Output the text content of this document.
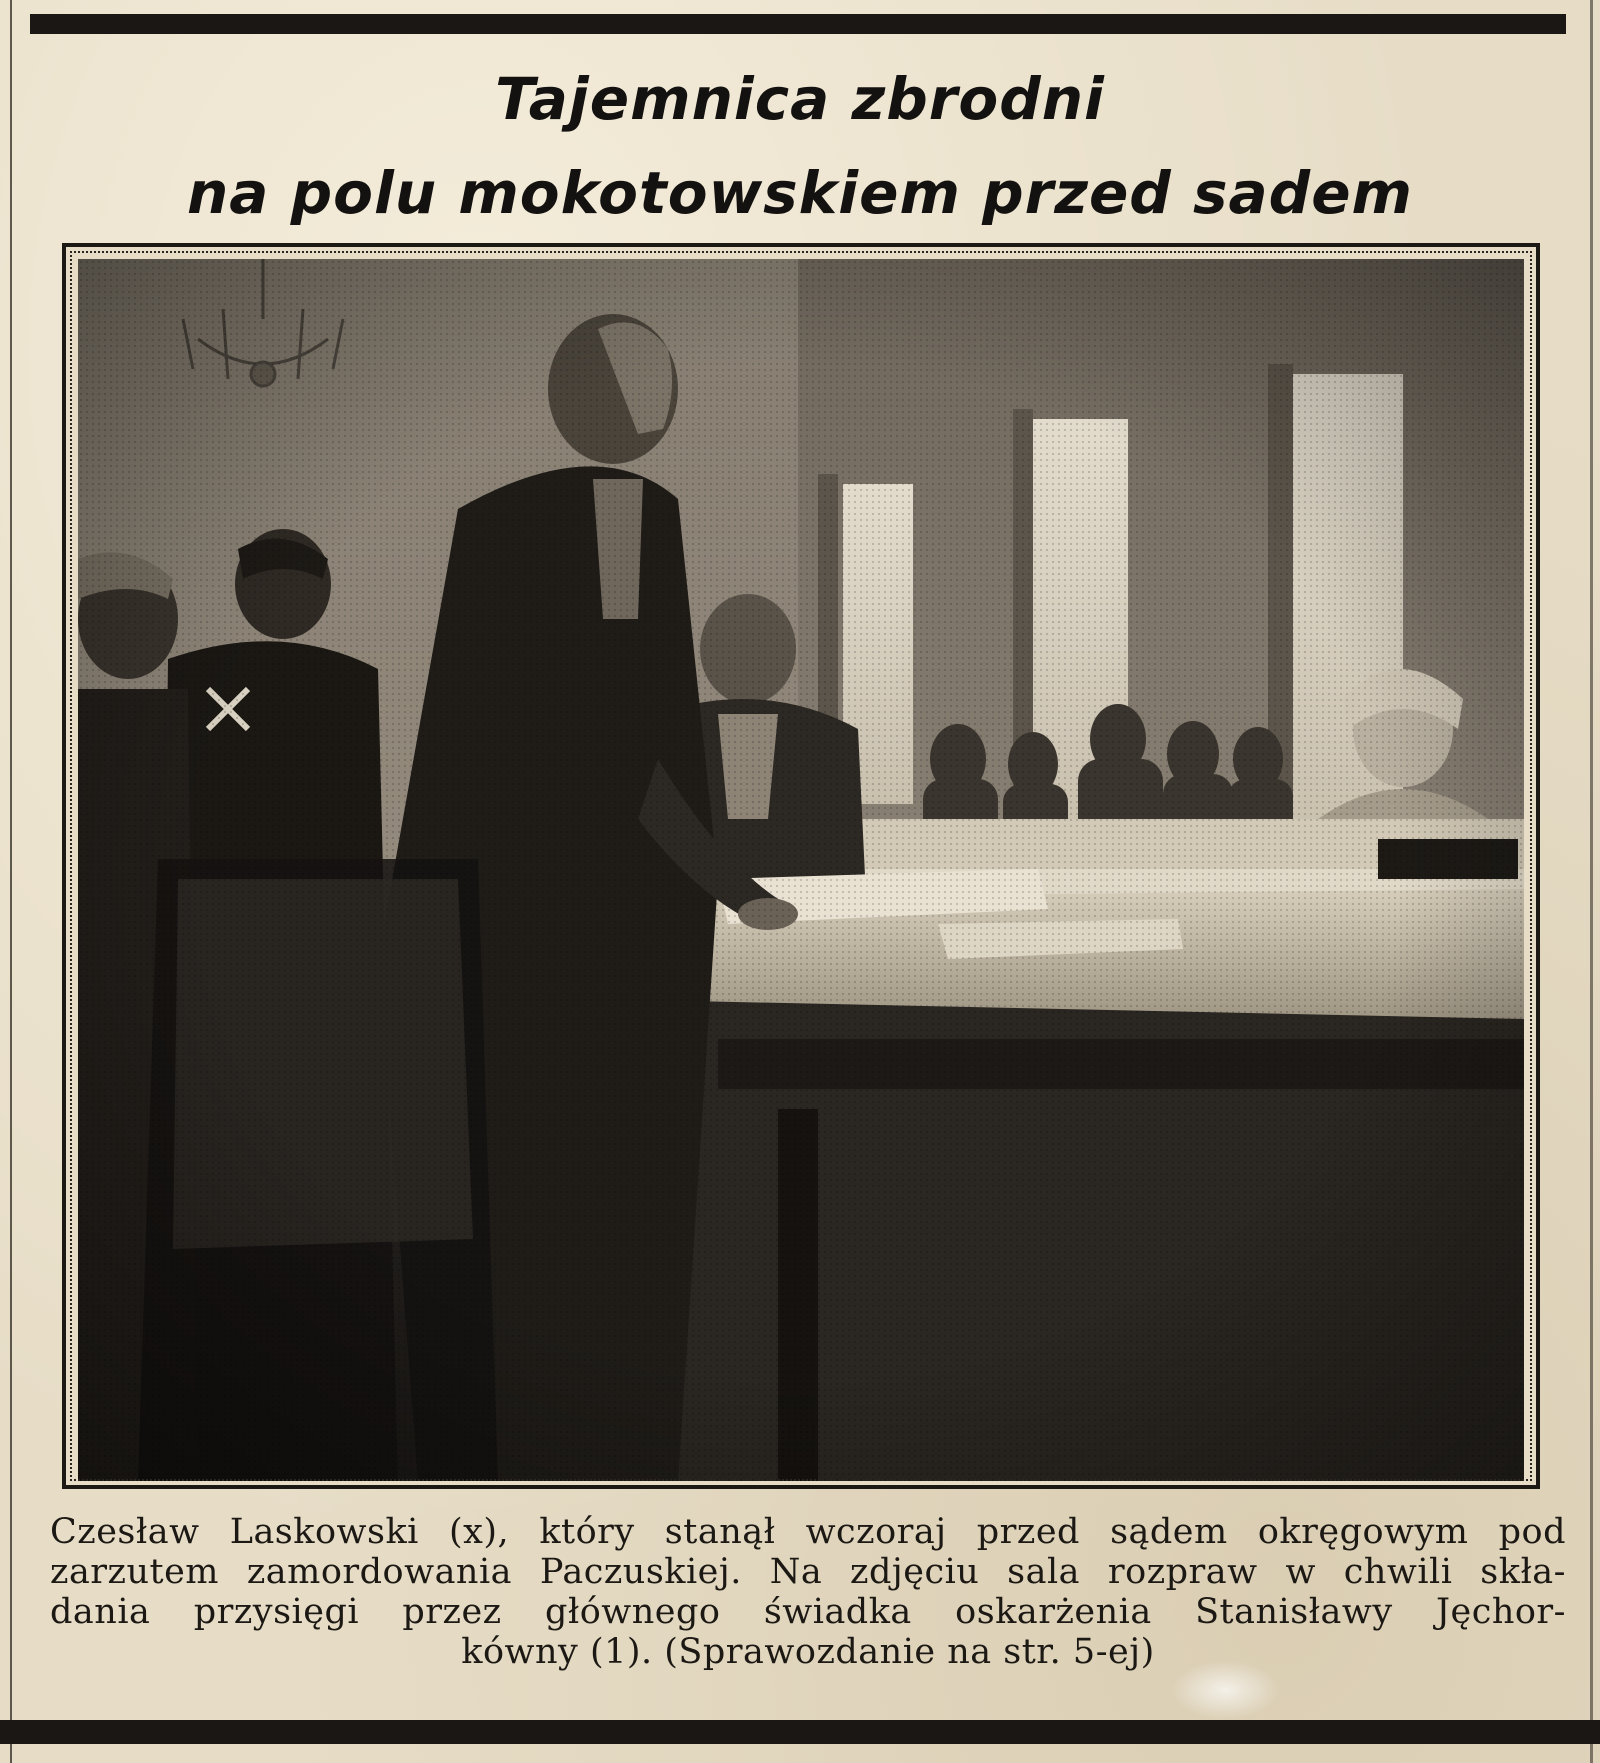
Tajemnica zbrodni
na polu mokotowskiem przed sadem
Czesław Laskowski (x), który stanął wczoraj przed sądem okręgowym pod
zarzutem zamordowania Paczuskiej. Na zdjęciu sala rozpraw w chwili skła-
dania przysięgi przez głównego świadka oskarżenia Stanisławy Jęchor-
kówny (1). (Sprawozdanie na str. 5-ej)
